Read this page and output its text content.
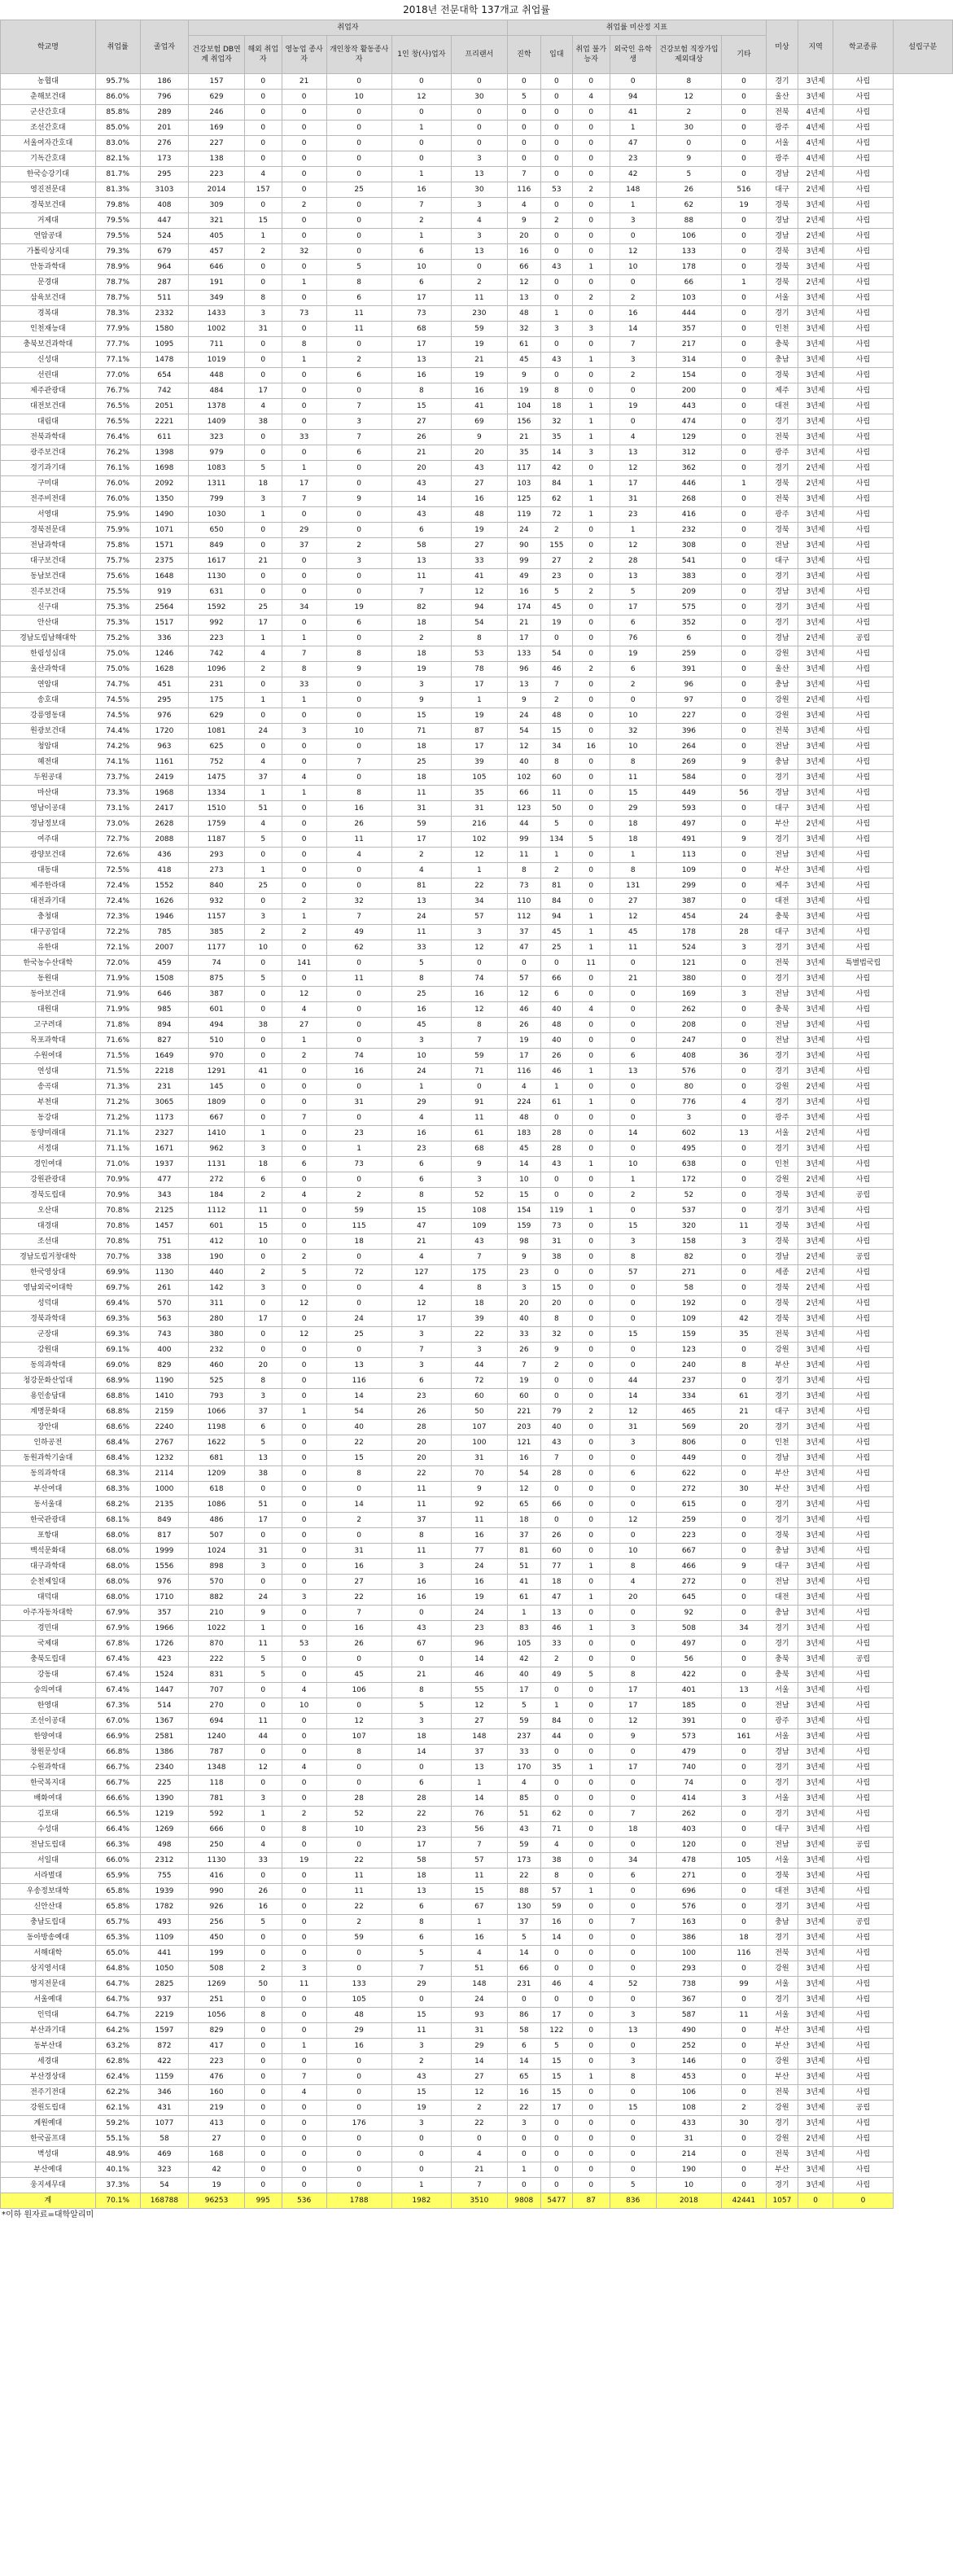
2018년 전문대학 137개교 취업률
학교명	취업률	졸업자	취업자						취업률 미산정 지표						미상	지역	학교종류	설립구분
			건강보험 DB연계 취업자	해외 취업자	영농업 종사자	개인창작 활동종사자	1인 창(사)업자	프리랜서	진학	입대	취업 불가능자	외국인 유학생	건강보험 직장가입 제외대상	기타				
농협대	95.7%	186	157	0	21	0	0	0	0	0	0	0	8	0	경기	3년제	사립	
춘해보건대	86.0%	796	629	0	0	10	12	30	5	0	4	94	12	0	울산	3년제	사립	
군산간호대	85.8%	289	246	0	0	0	0	0	0	0	0	41	2	0	전북	4년제	사립	
조선간호대	85.0%	201	169	0	0	0	1	0	0	0	0	1	30	0	광주	4년제	사립	
서울여자간호대	83.0%	276	227	0	0	0	0	0	0	0	0	47	0	0	서울	4년제	사립	
기독간호대	82.1%	173	138	0	0	0	0	3	0	0	0	23	9	0	광주	4년제	사립	
한국승강기대	81.7%	295	223	4	0	0	1	13	7	0	0	42	5	0	경남	2년제	사립	
영진전문대	81.3%	3103	2014	157	0	25	16	30	116	53	2	148	26	516	대구	2년제	사립	
경북보건대	79.8%	408	309	0	2	0	7	3	4	0	0	1	62	19	경북	3년제	사립	
거제대	79.5%	447	321	15	0	0	2	4	9	2	0	3	88	0	경남	2년제	사립	
연암공대	79.5%	524	405	1	0	0	1	3	20	0	0	0	106	0	경남	2년제	사립	
가톨릭상지대	79.3%	679	457	2	32	0	6	13	16	0	0	12	133	0	경북	3년제	사립	
안동과학대	78.9%	964	646	0	0	5	10	0	66	43	1	10	178	0	경북	3년제	사립	
문경대	78.7%	287	191	0	1	8	6	2	12	0	0	0	66	1	경북	2년제	사립	
삼육보건대	78.7%	511	349	8	0	6	17	11	13	0	2	2	103	0	서울	3년제	사립	
경복대	78.3%	2332	1433	3	73	11	73	230	48	1	0	16	444	0	경기	3년제	사립	
인천재능대	77.9%	1580	1002	31	0	11	68	59	32	3	3	14	357	0	인천	3년제	사립	
충북보건과학대	77.7%	1095	711	0	8	0	17	19	61	0	0	7	217	0	충북	3년제	사립	
신성대	77.1%	1478	1019	0	1	2	13	21	45	43	1	3	314	0	충남	3년제	사립	
선린대	77.0%	654	448	0	0	6	16	19	9	0	0	2	154	0	경북	3년제	사립	
제주관광대	76.7%	742	484	17	0	0	8	16	19	8	0	0	200	0	제주	3년제	사립	
대전보건대	76.5%	2051	1378	4	0	7	15	41	104	18	1	19	443	0	대전	3년제	사립	
대림대	76.5%	2221	1409	38	0	3	27	69	156	32	1	0	474	0	경기	3년제	사립	
전북과학대	76.4%	611	323	0	33	7	26	9	21	35	1	4	129	0	전북	3년제	사립	
광주보건대	76.2%	1398	979	0	0	6	21	20	35	14	3	13	312	0	광주	3년제	사립	
경기과기대	76.1%	1698	1083	5	1	0	20	43	117	42	0	12	362	0	경기	2년제	사립	
구미대	76.0%	2092	1311	18	17	0	43	27	103	84	1	17	446	1	경북	2년제	사립	
전주비전대	76.0%	1350	799	3	7	9	14	16	125	62	1	31	268	0	전북	3년제	사립	
서영대	75.9%	1490	1030	1	0	0	43	48	119	72	1	23	416	0	광주	3년제	사립	
경북전문대	75.9%	1071	650	0	29	0	6	19	24	2	0	1	232	0	경북	3년제	사립	
전남과학대	75.8%	1571	849	0	37	2	58	27	90	155	0	12	308	0	전남	3년제	사립	
대구보건대	75.7%	2375	1617	21	0	3	13	33	99	27	2	28	541	0	대구	3년제	사립	
동남보건대	75.6%	1648	1130	0	0	0	11	41	49	23	0	13	383	0	경기	3년제	사립	
진주보건대	75.5%	919	631	0	0	0	7	12	16	5	2	5	209	0	경남	3년제	사립	
신구대	75.3%	2564	1592	25	34	19	82	94	174	45	0	17	575	0	경기	3년제	사립	
안산대	75.3%	1517	992	17	0	6	18	54	21	19	0	6	352	0	경기	3년제	사립	
경남도립남해대학	75.2%	336	223	1	1	0	2	8	17	0	0	76	6	0	경남	2년제	공립	
한림성심대	75.0%	1246	742	4	7	8	18	53	133	54	0	19	259	0	강원	3년제	사립	
울산과학대	75.0%	1628	1096	2	8	9	19	78	96	46	2	6	391	0	울산	3년제	사립	
연암대	74.7%	451	231	0	33	0	3	17	13	7	0	2	96	0	충남	3년제	사립	
송호대	74.5%	295	175	1	1	0	9	1	9	2	0	0	97	0	강원	2년제	사립	
강릉영동대	74.5%	976	629	0	0	0	15	19	24	48	0	10	227	0	강원	3년제	사립	
원광보건대	74.4%	1720	1081	24	3	10	71	87	54	15	0	32	396	0	전북	3년제	사립	
청암대	74.2%	963	625	0	0	0	18	17	12	34	16	10	264	0	전남	3년제	사립	
혜전대	74.1%	1161	752	4	0	7	25	39	40	8	0	8	269	9	충남	3년제	사립	
두원공대	73.7%	2419	1475	37	4	0	18	105	102	60	0	11	584	0	경기	3년제	사립	
마산대	73.3%	1968	1334	1	1	8	11	35	66	11	0	15	449	56	경남	3년제	사립	
영남이공대	73.1%	2417	1510	51	0	16	31	31	123	50	0	29	593	0	대구	3년제	사립	
경남정보대	73.0%	2628	1759	4	0	26	59	216	44	5	0	18	497	0	부산	2년제	사립	
여주대	72.7%	2088	1187	5	0	11	17	102	99	134	5	18	491	9	경기	3년제	사립	
광양보건대	72.6%	436	293	0	0	4	2	12	11	1	0	1	113	0	전남	3년제	사립	
대동대	72.5%	418	273	1	0	0	4	1	8	2	0	8	109	0	부산	3년제	사립	
제주한라대	72.4%	1552	840	25	0	0	81	22	73	81	0	131	299	0	제주	3년제	사립	
대전과기대	72.4%	1626	932	0	2	32	13	34	110	84	0	27	387	0	대전	3년제	사립	
충청대	72.3%	1946	1157	3	1	7	24	57	112	94	1	12	454	24	충북	3년제	사립	
대구공업대	72.2%	785	385	2	2	49	11	3	37	45	1	45	178	28	대구	3년제	사립	
유한대	72.1%	2007	1177	10	0	62	33	12	47	25	1	11	524	3	경기	3년제	사립	
한국농수산대학	72.0%	459	74	0	141	0	5	0	0	0	11	0	121	0	전북	3년제	특별법국립	
동원대	71.9%	1508	875	5	0	11	8	74	57	66	0	21	380	0	경기	3년제	사립	
동아보건대	71.9%	646	387	0	12	0	25	16	12	6	0	0	169	3	전남	3년제	사립	
대원대	71.9%	985	601	0	4	0	16	12	46	40	4	0	262	0	충북	3년제	사립	
고구려대	71.8%	894	494	38	27	0	45	8	26	48	0	0	208	0	전남	3년제	사립	
목포과학대	71.6%	827	510	0	1	0	3	7	19	40	0	0	247	0	전남	3년제	사립	
수원여대	71.5%	1649	970	0	2	74	10	59	17	26	0	6	408	36	경기	3년제	사립	
연성대	71.5%	2218	1291	41	0	16	24	71	116	46	1	13	576	0	경기	3년제	사립	
송곡대	71.3%	231	145	0	0	0	1	0	4	1	0	0	80	0	강원	2년제	사립	
부천대	71.2%	3065	1809	0	0	31	29	91	224	61	1	0	776	4	경기	3년제	사립	
동강대	71.2%	1173	667	0	7	0	4	11	48	0	0	0	3	0	광주	3년제	사립	
동양미래대	71.1%	2327	1410	1	0	23	16	61	183	28	0	14	602	13	서울	2년제	사립	
서정대	71.1%	1671	962	3	0	1	23	68	45	28	0	0	495	0	경기	3년제	사립	
경인여대	71.0%	1937	1131	18	6	73	6	9	14	43	1	10	638	0	인천	3년제	사립	
강원관광대	70.9%	477	272	6	0	0	6	3	10	0	0	1	172	0	강원	2년제	사립	
경북도립대	70.9%	343	184	2	4	2	8	52	15	0	0	2	52	0	경북	3년제	공립	
오산대	70.8%	2125	1112	11	0	59	15	108	154	119	1	0	537	0	경기	3년제	사립	
대경대	70.8%	1457	601	15	0	115	47	109	159	73	0	15	320	11	경북	3년제	사립	
조선대	70.8%	751	412	10	0	18	21	43	98	31	0	3	158	3	경북	3년제	사립	
경남도립거창대학	70.7%	338	190	0	2	0	4	7	9	38	0	8	82	0	경남	2년제	공립	
한국영상대	69.9%	1130	440	2	5	72	127	175	23	0	0	57	271	0	세종	2년제	사립	
영남외국어대학	69.7%	261	142	3	0	0	4	8	3	15	0	0	58	0	경북	2년제	사립	
성덕대	69.4%	570	311	0	12	0	12	18	20	20	0	0	192	0	경북	2년제	사립	
경북과학대	69.3%	563	280	17	0	24	17	39	40	8	0	0	109	42	경북	3년제	사립	
군장대	69.3%	743	380	0	12	25	3	22	33	32	0	15	159	35	전북	3년제	사립	
강원대	69.1%	400	232	0	0	0	7	3	26	9	0	0	123	0	강원	3년제	사립	
동의과학대	69.0%	829	460	20	0	13	3	44	7	2	0	0	240	8	부산	3년제	사립	
청강문화산업대	68.9%	1190	525	8	0	116	6	72	19	0	0	44	237	0	경기	3년제	사립	
용인송담대	68.8%	1410	793	3	0	14	23	60	60	0	0	14	334	61	경기	3년제	사립	
계명문화대	68.8%	2159	1066	37	1	54	26	50	221	79	2	12	465	21	대구	3년제	사립	
장안대	68.6%	2240	1198	6	0	40	28	107	203	40	0	31	569	20	경기	3년제	사립	
인하공전	68.4%	2767	1622	5	0	22	20	100	121	43	0	3	806	0	인천	3년제	사립	
동원과학기술대	68.4%	1232	681	13	0	15	20	31	16	7	0	0	449	0	경남	3년제	사립	
동의과학대	68.3%	2114	1209	38	0	8	22	70	54	28	0	6	622	0	부산	3년제	사립	
부산여대	68.3%	1000	618	0	0	0	11	9	12	0	0	0	272	30	부산	3년제	사립	
동서울대	68.2%	2135	1086	51	0	14	11	92	65	66	0	0	615	0	경기	3년제	사립	
한국관광대	68.1%	849	486	17	0	2	37	11	18	0	0	12	259	0	경기	3년제	사립	
포항대	68.0%	817	507	0	0	0	8	16	37	26	0	0	223	0	경북	3년제	사립	
백석문화대	68.0%	1999	1024	31	0	31	11	77	81	60	0	10	667	0	충남	3년제	사립	
대구과학대	68.0%	1556	898	3	0	16	3	24	51	77	1	8	466	9	대구	3년제	사립	
순천제일대	68.0%	976	570	0	0	27	16	16	41	18	0	4	272	0	전남	3년제	사립	
대덕대	68.0%	1710	882	24	3	22	16	19	61	47	1	20	645	0	대전	3년제	사립	
아주자동차대학	67.9%	357	210	9	0	7	0	24	1	13	0	0	92	0	충남	3년제	사립	
경민대	67.9%	1966	1022	1	0	16	43	23	83	46	1	3	508	34	경기	3년제	사립	
국제대	67.8%	1726	870	11	53	26	67	96	105	33	0	0	497	0	경기	3년제	사립	
충북도립대	67.4%	423	222	5	0	0	0	14	42	2	0	0	56	0	충북	3년제	공립	
강동대	67.4%	1524	831	5	0	45	21	46	40	49	5	8	422	0	충북	3년제	사립	
숭의여대	67.4%	1447	707	0	4	106	8	55	17	0	0	17	401	13	서울	3년제	사립	
한영대	67.3%	514	270	0	10	0	5	12	5	1	0	17	185	0	전남	3년제	사립	
조선이공대	67.0%	1367	694	11	0	12	3	27	59	84	0	12	391	0	광주	3년제	사립	
한양여대	66.9%	2581	1240	44	0	107	18	148	237	44	0	9	573	161	서울	3년제	사립	
창원문성대	66.8%	1386	787	0	0	8	14	37	33	0	0	0	479	0	경남	3년제	사립	
수원과학대	66.7%	2340	1348	12	4	0	0	13	170	35	1	17	740	0	경기	3년제	사립	
한국복지대	66.7%	225	118	0	0	0	6	1	4	0	0	0	74	0	경기	3년제	사립	
배화여대	66.6%	1390	781	3	0	28	28	14	85	0	0	0	414	3	서울	3년제	사립	
김포대	66.5%	1219	592	1	2	52	22	76	51	62	0	7	262	0	경기	3년제	사립	
수성대	66.4%	1269	666	0	8	10	23	56	43	71	0	18	403	0	대구	3년제	사립	
전남도립대	66.3%	498	250	4	0	0	17	7	59	4	0	0	120	0	전남	3년제	공립	
서일대	66.0%	2312	1130	33	19	22	58	57	173	38	0	34	478	105	서울	3년제	사립	
서라벌대	65.9%	755	416	0	0	11	18	11	22	8	0	6	271	0	경북	3년제	사립	
우송정보대학	65.8%	1939	990	26	0	11	13	15	88	57	1	0	696	0	대전	3년제	사립	
신안산대	65.8%	1782	926	16	0	22	6	67	130	59	0	0	576	0	경기	3년제	사립	
충남도립대	65.7%	493	256	5	0	2	8	1	37	16	0	7	163	0	충남	3년제	공립	
동아방송예대	65.3%	1109	450	0	0	59	6	16	5	14	0	0	386	18	경기	3년제	사립	
서해대학	65.0%	441	199	0	0	0	5	4	14	0	0	0	100	116	전북	3년제	사립	
상지영서대	64.8%	1050	508	2	3	0	7	51	66	0	0	0	293	0	강원	3년제	사립	
명지전문대	64.7%	2825	1269	50	11	133	29	148	231	46	4	52	738	99	서울	3년제	사립	
서울예대	64.7%	937	251	0	0	105	0	24	0	0	0	0	367	0	경기	3년제	사립	
인덕대	64.7%	2219	1056	8	0	48	15	93	86	17	0	3	587	11	서울	3년제	사립	
부산과기대	64.2%	1597	829	0	0	29	11	31	58	122	0	13	490	0	부산	3년제	사립	
동부산대	63.2%	872	417	0	1	16	3	29	6	5	0	0	252	0	부산	3년제	사립	
세경대	62.8%	422	223	0	0	0	2	14	14	15	0	3	146	0	강원	3년제	사립	
부산경상대	62.4%	1159	476	0	7	0	43	27	65	15	1	8	453	0	부산	3년제	사립	
전주기전대	62.2%	346	160	0	4	0	15	12	16	15	0	0	106	0	전북	3년제	사립	
강원도립대	62.1%	431	219	0	0	0	19	2	22	17	0	15	108	2	강원	3년제	공립	
계원예대	59.2%	1077	413	0	0	176	3	22	3	0	0	0	433	30	경기	3년제	사립	
한국골프대	55.1%	58	27	0	0	0	0	0	0	0	0	0	31	0	강원	2년제	사립	
벽성대	48.9%	469	168	0	0	0	0	4	0	0	0	0	214	0	전북	3년제	사립	
부산예대	40.1%	323	42	0	0	0	0	21	1	0	0	0	190	0	부산	3년제	사립	
웅지세무대	37.3%	54	19	0	0	0	1	7	0	0	0	5	10	0	경기	3년제	사립	
계	70.1%	168788	96253	995	536	1788	1982	3510	9808	5477	87	836	2018	42441	1057	0	0	
*이하 원자료=대학알리미
